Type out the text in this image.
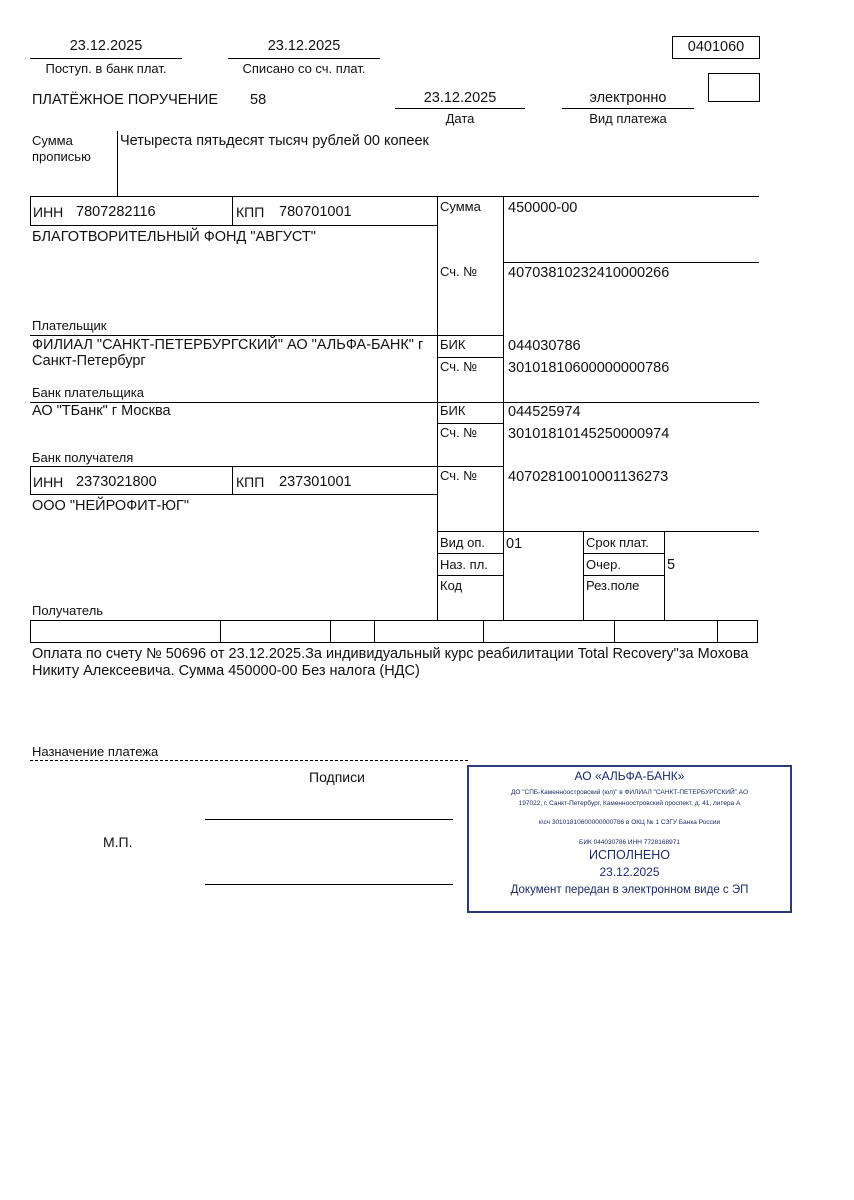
23.12.2025
Поступ. в банк плат.
23.12.2025
Списано со сч. плат.
0401060
ПЛАТЁЖНОЕ ПОРУЧЕНИЕ 58	23.12.2025
Дата
электронно
Вид платежа
Сумма
прописью
Четыреста пятьдесят тысяч рублей 00 копеек
ИНН 7807282116	КПП 780701001
БЛАГОТВОРИТЕЛЬНЫЙ ФОНД "АВГУСТ"
Плательщик
Сумма 450000-00
Сч. № 40703810232410000266
ФИЛИАЛ "САНКТ-ПЕТЕРБУРГСКИЙ" АО "АЛЬФА-БАНК" г
Санкт-Петербург
Банк плательщика
БИК	044030786
Сч. № 30101810600000000786
АО "ТБанк" г Москва
Банк получателя
БИК	044525974
Сч. № 30101810145250000974
ИНН 2373021800	КПП 237301001
ООО "НЕЙРОФИТ-ЮГ"
Получатель
Сч. № 40702810010001136273
Вид оп. 01
Наз. пл.
Код
Срок плат.
Очер.	5
Рез.поле
Оплата по счету № 50696 от 23.12.2025.За индивидуальный курс реабилитации Total Recovery"за Мохова
Никиту Алексеевича. Сумма 450000-00 Без налога (НДС)
Назначение платежа
Подписи
М.П.
АО «АЛЬФА-БАНК»
ДО "СПБ-Каменноостровский (юл)" в ФИЛИАЛ "САНКТ-ПЕТЕРБУРГСКИЙ" АО
197022, г. Санкт-Петербург, Каменноостровский проспект, д. 41, литера А
к\сч 30101810600000000786 в ОКЦ № 1 СЗГУ Банка России
БИК 044030786 ИНН 7728168971
ИСПОЛНЕНО
23.12.2025
Документ передан в электронном виде с ЭП
